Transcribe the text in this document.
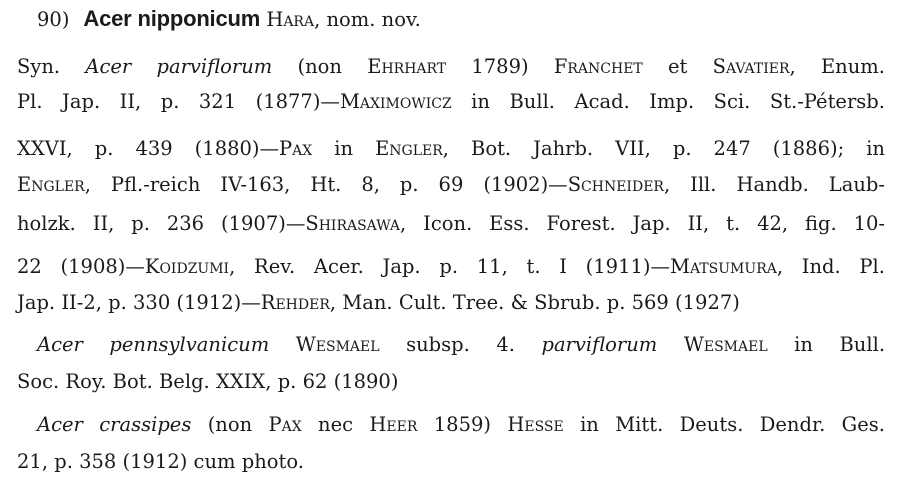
90) Acer nipponicum Hara, nom. nov.
Syn. Acer parviflorum (non Ehrhart 1789) Franchet et Savatier, Enum.
Pl. Jap. II, p. 321 (1877)—Maximowicz in Bull. Acad. Imp. Sci. St.-Pétersb.
XXVI, p. 439 (1880)—Pax in Engler, Bot. Jahrb. VII, p. 247 (1886); in
Engler, Pfl.-reich IV-163, Ht. 8, p. 69 (1902)—Schneider, Ill. Handb. Laub-
holzk. II, p. 236 (1907)—Shirasawa, Icon. Ess. Forest. Jap. II, t. 42, fig. 10-
22 (1908)—Koidzumi, Rev. Acer. Jap. p. 11, t. I (1911)—Matsumura, Ind. Pl.
Jap. II-2, p. 330 (1912)—Rehder, Man. Cult. Tree. & Sbrub. p. 569 (1927)
Acer pennsylvanicum Wesmael subsp. 4. parviflorum Wesmael in Bull.
Soc. Roy. Bot. Belg. XXIX, p. 62 (1890)
Acer crassipes (non Pax nec Heer 1859) Hesse in Mitt. Deuts. Dendr. Ges.
21, p. 358 (1912) cum photo.
